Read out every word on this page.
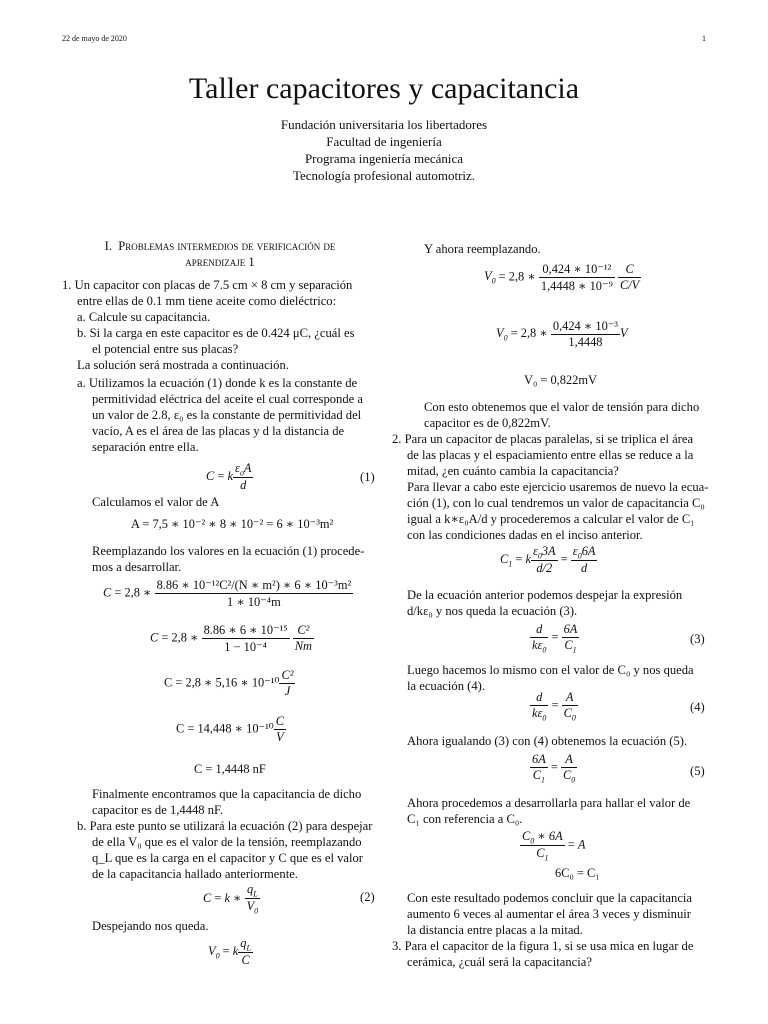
22 de mayo de 2020	1
Taller capacitores y capacitancia
Fundación universitaria los libertadores
Facultad de ingeniería
Programa ingeniería mecánica
Tecnología profesional automotriz.
I. Problemas intermedios de verificación de
aprendizaje 1
1. Un capacitor con placas de 7.5 cm × 8 cm y separación
entre ellas de 0.1 mm tiene aceite como dieléctrico:
a. Calcule su capacitancia.
b. Si la carga en este capacitor es de 0.424 μC, ¿cuál es
el potencial entre sus placas?
La solución será mostrada a continuación.
a. Utilizamos la ecuación (1) donde k es la constante de
permitividad eléctrica del aceite el cual corresponde a
un valor de 2.8, ε₀ es la constante de permitividad del
vacío, A es el área de las placas y d la distancia de
separación entre ella.
C = k $\frac{\varepsilon_oA}{d}$	(1)
Calculamos el valor de A
A = 7,5 ∗ 10⁻² ∗ 8 ∗ 10⁻² = 6 ∗ 10⁻³m²
Reemplazando los valores en la ecuación (1) procede-
mos a desarrollar.
C = 2,8 ∗ $\frac{\text{8.86 ∗ 10⁻¹²C²/(N ∗ m²) ∗ 6 ∗ 10⁻³m²}}{\text{1 ∗ 10⁻⁴m}}$
C = 2,8 ∗ $\frac{\text{8.86 ∗ 6 ∗ 10⁻¹⁵}}{\text{1 − 10⁻⁴}}$
$\frac{\text{C²}}{Nm}$
C = 2,8 ∗ 5,16 ∗ $10^{-10} \frac{\text{C²}}{J}$
C = 14,448 ∗ $10^{-10} \frac{C}{V}$
C = 1,4448 nF
Finalmente encontramos que la capacitancia de dicho
capacitor es de 1,4448 nF.
b. Para este punto se utilizará la ecuación (2) para despejar
de ella V₀ que es el valor de la tensión, reemplazando
q_L que es la carga en el capacitor y C que es el valor
de la capacitancia hallado anteriormente.
C = k ∗ $\frac{q_L}{V_0}$	(2)
Despejando nos queda.
$V_0 = k \frac{q_L}{C}$
Y ahora reemplazando.
$V_0 = 2,8$ ∗ $\frac{\text{0,424 ∗ 10⁻¹²}}{\text{1,4448 ∗ 10⁻⁹}}$
$\frac{C}{C/V}$
$V_0 = 2,8$ ∗ $\frac{\text{0,424 ∗ 10⁻³}}{1,4448}$ V
V₀ = 0,822mV
Con esto obtenemos que el valor de tensión para dicho
capacitor es de 0,822mV.
2. Para un capacitor de placas paralelas, si se triplica el área
de las placas y el espaciamiento entre ellas se reduce a la
mitad, ¿en cuánto cambia la capacitancia?
Para llevar a cabo este ejercicio usaremos de nuevo la ecua-
ción (1), con lo cual tendremos un valor de capacitancia C₀
igual a k∗ε₀A/d y procederemos a calcular el valor de C₁
con las condiciones dadas en el inciso anterior.
$C_1 = k \frac{\varepsilon_03A}{d/2} = \frac{\varepsilon_06A}{d}$
De la ecuación anterior podemos despejar la expresión
d/kε₀ y nos queda la ecuación (3).
$\frac{d}{k\varepsilon_0} = \frac{6A}{C_1}$	(3)
Luego hacemos lo mismo con el valor de C₀ y nos queda
la ecuación (4).
$\frac{d}{k\varepsilon_0} = \frac{A}{C_0}$	(4)
Ahora igualando (3) con (4) obtenemos la ecuación (5).
$\frac{6A}{C_1} = \frac{A}{C_0}$	(5)
Ahora procedemos a desarrollarla para hallar el valor de
C₁ con referencia a C₀.
$\frac{C_0 ∗ 6A}{C_1} = A$
6C₀ = C₁
Con este resultado podemos concluir que la capacitancia
aumento 6 veces al aumentar el área 3 veces y disminuir
la distancia entre placas a la mitad.
3. Para el capacitor de la figura 1, si se usa mica en lugar de
cerámica, ¿cuál será la capacitancia?
